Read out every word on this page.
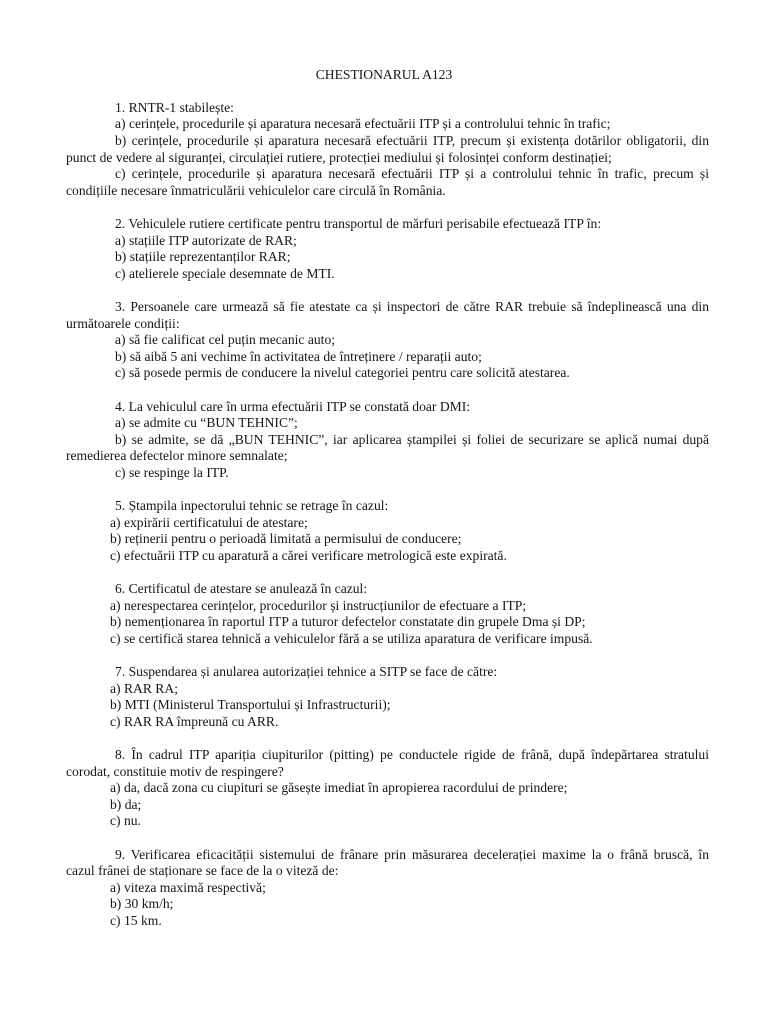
CHESTIONARUL A123
1. RNTR-1 stabilește:
a) cerințele, procedurile și aparatura necesară efectuării ITP și a controlului tehnic în trafic;
b) cerințele, procedurile și aparatura necesară efectuării ITP, precum și existența dotărilor obligatorii, din
punct de vedere al siguranței, circulației rutiere, protecției mediului și folosinței conform destinației;
c) cerințele, procedurile și aparatura necesară efectuării ITP și a controlului tehnic în trafic, precum și
condițiile necesare înmatriculării vehiculelor care circulă în România.
2. Vehiculele rutiere certificate pentru transportul de mărfuri perisabile efectuează ITP în:
a) stațiile ITP autorizate de RAR;
b) stațiile reprezentanților RAR;
c) atelierele speciale desemnate de MTI.
3. Persoanele care urmează să fie atestate ca și inspectori de către RAR trebuie să îndeplinească una din
următoarele condiții:
a) să fie calificat cel puțin mecanic auto;
b) să aibă 5 ani vechime în activitatea de întreținere / reparații auto;
c) să posede permis de conducere la nivelul categoriei pentru care solicită atestarea.
4. La vehiculul care în urma efectuării ITP se constată doar DMI:
a) se admite cu “BUN TEHNIC”;
b) se admite, se dă „BUN TEHNIC”, iar aplicarea ștampilei și foliei de securizare se aplică numai după
remedierea defectelor minore semnalate;
c) se respinge la ITP.
5. Ștampila inpectorului tehnic se retrage în cazul:
a) expirării certificatului de atestare;
b) reținerii pentru o perioadă limitată a permisului de conducere;
c) efectuării ITP cu aparatură a cărei verificare metrologică este expirată.
6. Certificatul de atestare se anulează în cazul:
a) nerespectarea cerințelor, procedurilor și instrucțiunilor de efectuare a ITP;
b) nemenționarea în raportul ITP a tuturor defectelor constatate din grupele Dma și DP;
c) se certifică starea tehnică a vehiculelor fără a se utiliza aparatura de verificare impusă.
7. Suspendarea și anularea autorizației tehnice a SITP se face de către:
a) RAR RA;
b) MTI (Ministerul Transportului și Infrastructurii);
c) RAR RA împreună cu ARR.
8. În cadrul ITP apariția ciupiturilor (pitting) pe conductele rigide de frână, după îndepărtarea stratului
corodat, constituie motiv de respingere?
a) da, dacă zona cu ciupituri se găsește imediat în apropierea racordului de prindere;
b) da;
c) nu.
9. Verificarea eficacității sistemului de frânare prin măsurarea decelerației maxime la o frână bruscă, în
cazul frânei de staționare se face de la o viteză de:
a) viteza maximă respectivă;
b) 30 km/h;
c) 15 km.
